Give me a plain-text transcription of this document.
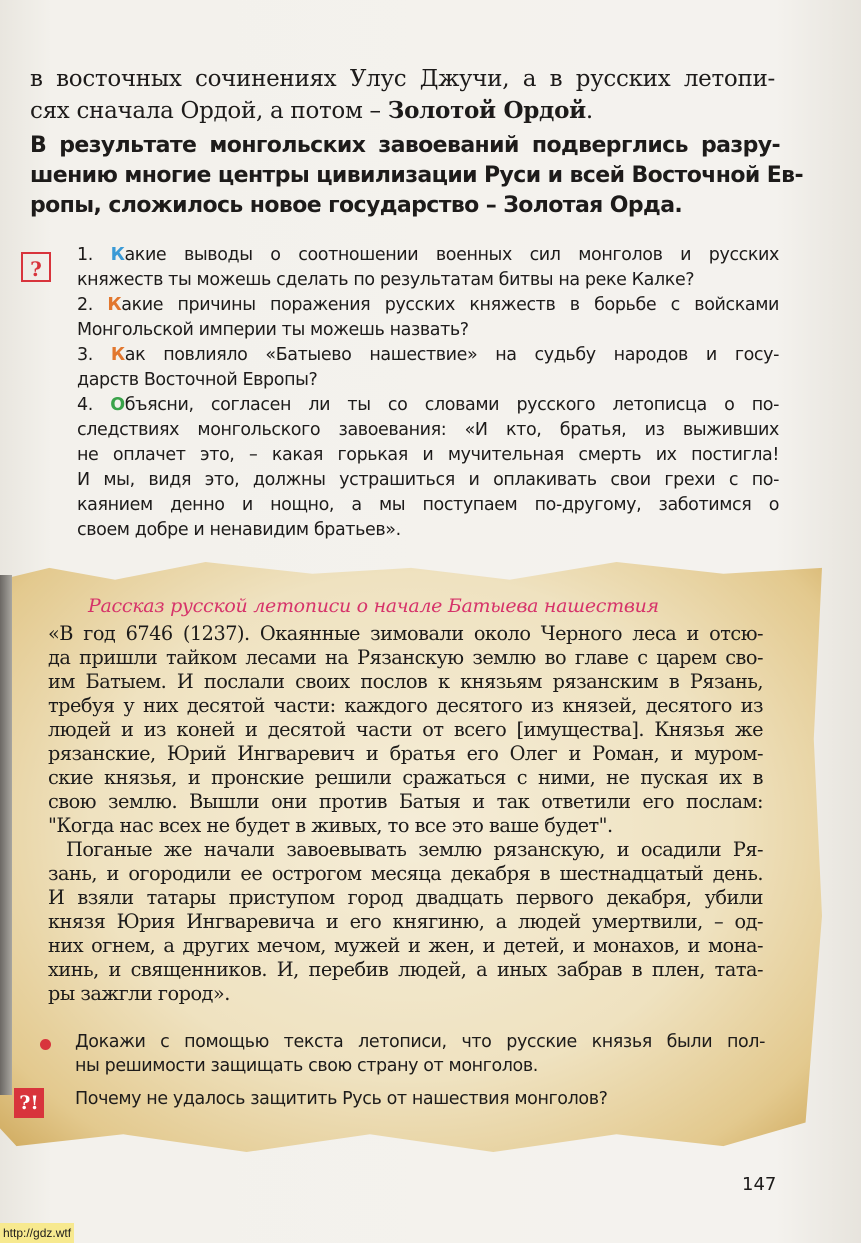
в восточных сочинениях Улус Джучи, а в русских летопи-
сях сначала Ордой, а потом – Золотой Ордой.
В результате монгольских завоеваний подверглись разру-
шению многие центры цивилизации Руси и всей Восточной Ев-
ропы, сложилось новое государство – Золотая Орда.
?
1. Какие выводы о соотношении военных сил монголов и русских
княжеств ты можешь сделать по результатам битвы на реке Калке?
2. Какие причины поражения русских княжеств в борьбе с войсками
Монгольской империи ты можешь назвать?
3. Как повлияло «Батыево нашествие» на судьбу народов и госу-
дарств Восточной Европы?
4. Объясни, согласен ли ты со словами русского летописца о по-
следствиях монгольского завоевания: «И кто, братья, из выживших
не оплачет это, – какая горькая и мучительная смерть их постигла!
И мы, видя это, должны устрашиться и оплакивать свои грехи с по-
каянием денно и нощно, а мы поступаем по-другому, заботимся о
своем добре и ненавидим братьев».
Рассказ русской летописи о начале Батыева нашествия
«В год 6746 (1237). Окаянные зимовали около Черного леса и отсю-
да пришли тайком лесами на Рязанскую землю во главе с царем сво-
им Батыем. И послали своих послов к князьям рязанским в Рязань,
требуя у них десятой части: каждого десятого из князей, десятого из
людей и из коней и десятой части от всего [имущества]. Князья же
рязанские, Юрий Ингваревич и братья его Олег и Роман, и муром-
ские князья, и пронские решили сражаться с ними, не пуская их в
свою землю. Вышли они против Батыя и так ответили его послам:
"Когда нас всех не будет в живых, то все это ваше будет".
Поганые же начали завоевывать землю рязанскую, и осадили Ря-
зань, и огородили ее острогом месяца декабря в шестнадцатый день.
И взяли татары приступом город двадцать первого декабря, убили
князя Юрия Ингваревича и его княгиню, а людей умертвили, – од-
них огнем, а других мечом, мужей и жен, и детей, и монахов, и мона-
хинь, и священников. И, перебив людей, а иных забрав в плен, тата-
ры зажгли город».
Докажи с помощью текста летописи, что русские князья были пол-
ны решимости защищать свою страну от монголов.
?!	Почему не удалось защитить Русь от нашествия монголов?
147
http://gdz.wtf
